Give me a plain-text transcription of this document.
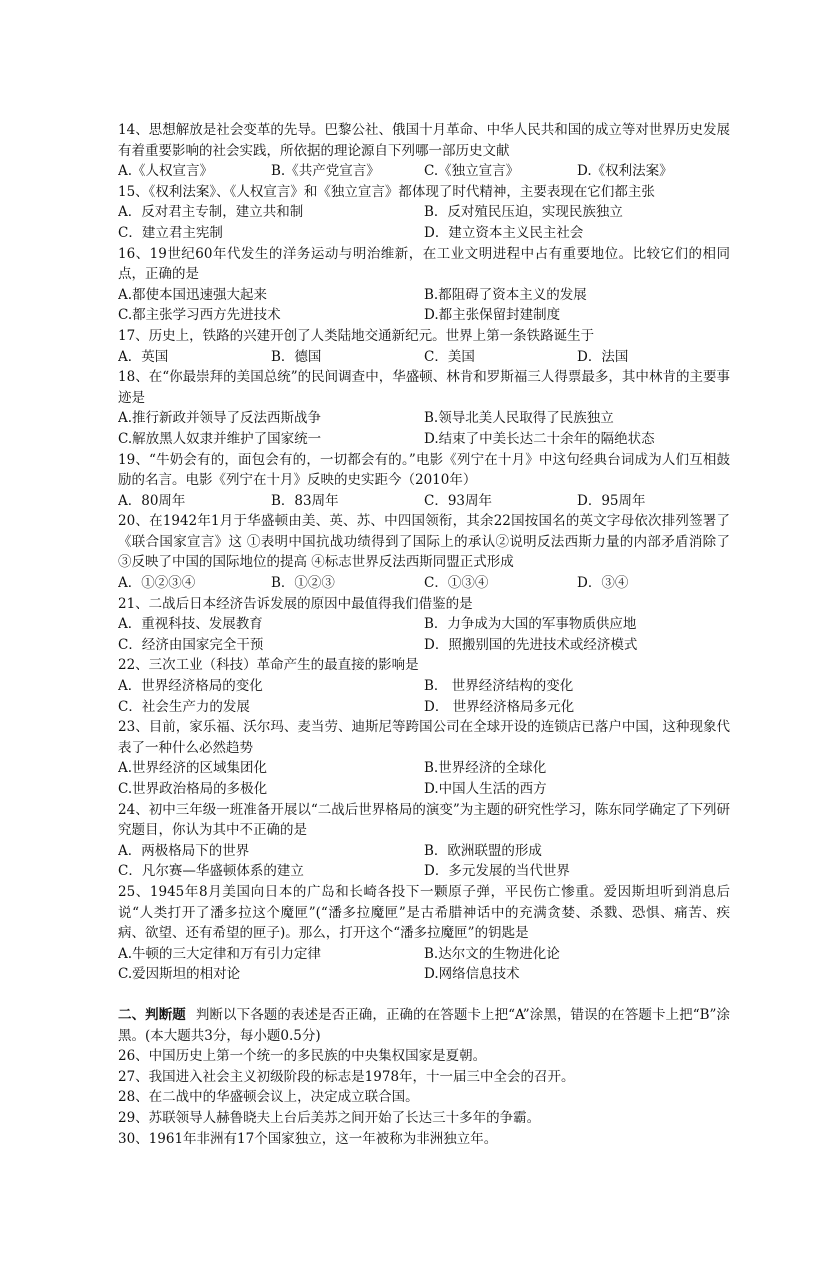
14、思想解放是社会变革的先导。巴黎公社、俄国十月革命、中华人民共和国的成立等对世界历史发展有着重要影响的社会实践，所依据的理论源自下列哪一部历史文献

A.《人权宣言》	B.《共产党宣言》	C.《独立宣言》	D.《权利法案》

15、《权利法案》、《人权宣言》和《独立宣言》都体现了时代精神，主要表现在它们都主张

A．反对君主专制，建立共和制	B．反对殖民压迫，实现民族独立
C．建立君主宪制	D．建立资本主义民主社会

16、19世纪60年代发生的洋务运动与明治维新，在工业文明进程中占有重要地位。比较它们的相同点，正确的是

A.都使本国迅速强大起来	B.都阻碍了资本主义的发展
C.都主张学习西方先进技术	D.都主张保留封建制度

17、历史上，铁路的兴建开创了人类陆地交通新纪元。世界上第一条铁路诞生于

A．英国	B．德国	C．美国	D．法国

18、在“你最崇拜的美国总统”的民间调查中，华盛顿、林肯和罗斯福三人得票最多，其中林肯的主要事迹是

A.推行新政并领导了反法西斯战争	B.领导北美人民取得了民族独立
C.解放黑人奴隶并维护了国家统一	D.结束了中美长达二十余年的隔绝状态

19、“牛奶会有的，面包会有的，一切都会有的。”电影《列宁在十月》中这句经典台词成为人们互相鼓励的名言。电影《列宁在十月》反映的史实距今（2010年）

A．80周年	B．83周年	C．93周年	D．95周年

20、在1942年1月于华盛顿由美、英、苏、中四国领衔，其余22国按国名的英文字母依次排列签署了《联合国家宣言》这 ①表明中国抗战功绩得到了国际上的承认②说明反法西斯力量的内部矛盾消除了 ③反映了中国的国际地位的提高 ④标志世界反法西斯同盟正式形成

A．①②③④	B．①②③	C．①③④	D．③④

21、二战后日本经济告诉发展的原因中最值得我们借鉴的是

A．重视科技、发展教育	B．力争成为大国的军事物质供应地
C．经济由国家完全干预	D．照搬别国的先进技术或经济模式

22、三次工业（科技）革命产生的最直接的影响是

A．世界经济格局的变化	B． 世界经济结构的变化
C．社会生产力的发展	D． 世界经济格局多元化

23、目前，家乐福、沃尔玛、麦当劳、迪斯尼等跨国公司在全球开设的连锁店已落户中国，这种现象代表了一种什么必然趋势

A.世界经济的区域集团化	B.世界经济的全球化
C.世界政治格局的多极化	D.中国人生活的西方

24、初中三年级一班准备开展以“二战后世界格局的演变”为主题的研究性学习，陈东同学确定了下列研究题目，你认为其中不正确的是

A．两极格局下的世界	B．欧洲联盟的形成
C．凡尔赛—华盛顿体系的建立	D．多元发展的当代世界

25、1945年8月美国向日本的广岛和长崎各投下一颗原子弹，平民伤亡惨重。爱因斯坦听到消息后说“人类打开了潘多拉这个魔匣”(“潘多拉魔匣”是古希腊神话中的充满贪婪、杀戮、恐惧、痛苦、疾病、欲望、还有希望的匣子)。那么，打开这个“潘多拉魔匣”的钥匙是

A.牛顿的三大定律和万有引力定律	B.达尔文的生物进化论
C.爱因斯坦的相对论	D.网络信息技术

二、判断题 判断以下各题的表述是否正确，正确的在答题卡上把“A”涂黑，错误的在答题卡上把“B”涂黑。(本大题共3分，每小题0.5分)

26、中国历史上第一个统一的多民族的中央集权国家是夏朝。

27、我国进入社会主义初级阶段的标志是1978年，十一届三中全会的召开。

28、在二战中的华盛顿会议上，决定成立联合国。

29、苏联领导人赫鲁晓夫上台后美苏之间开始了长达三十多年的争霸。

30、1961年非洲有17个国家独立，这一年被称为非洲独立年。
